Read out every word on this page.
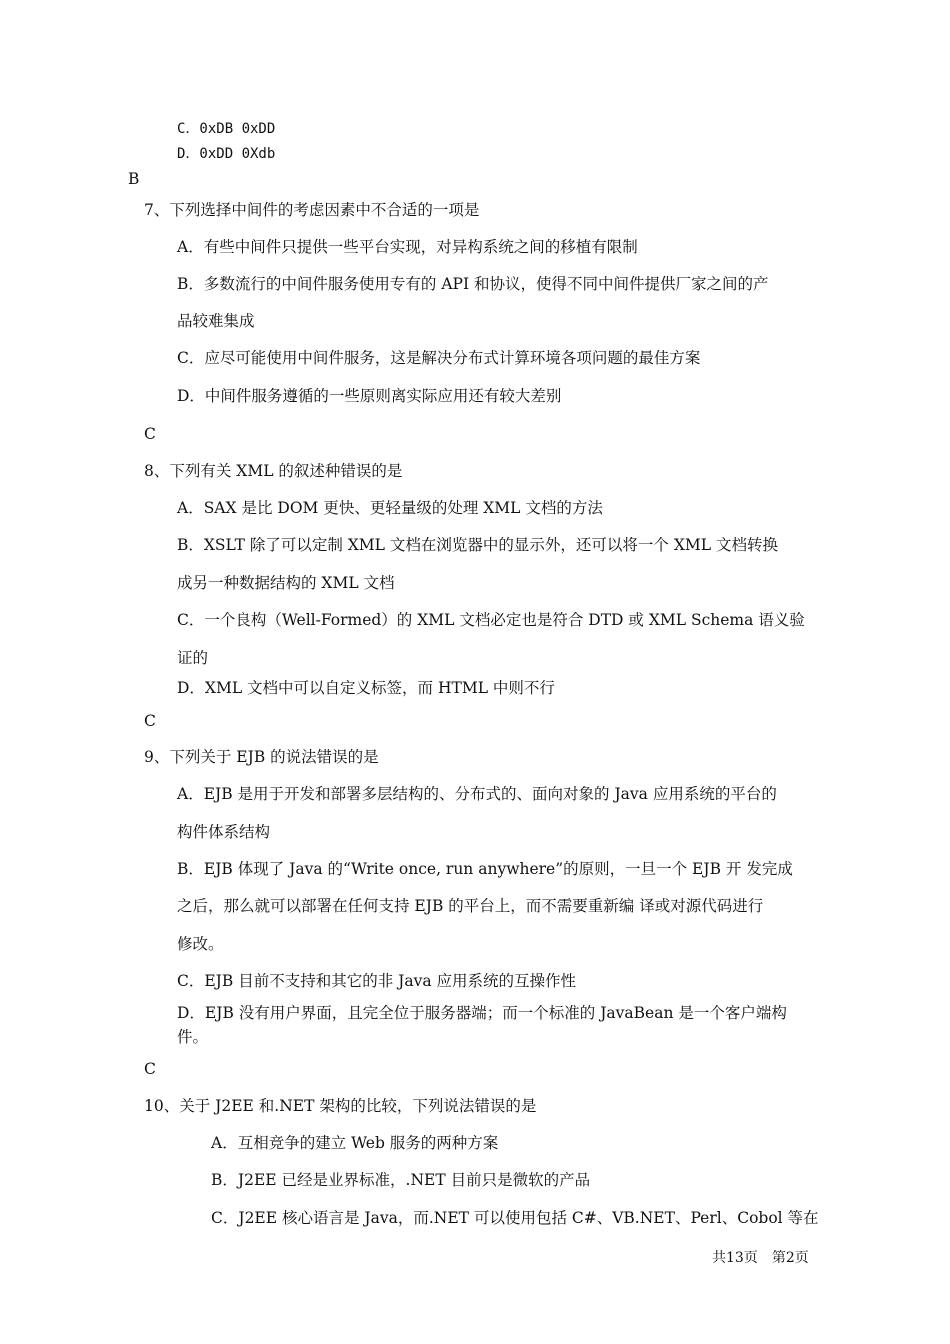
C．0xDB 0xDD
D．0xDD 0Xdb
B
7、下列选择中间件的考虑因素中不合适的一项是
A．有些中间件只提供一些平台实现，对异构系统之间的移植有限制
B．多数流行的中间件服务使用专有的 API 和协议，使得不同中间件提供厂家之间的产
品较难集成
C．应尽可能使用中间件服务，这是解决分布式计算环境各项问题的最佳方案
D．中间件服务遵循的一些原则离实际应用还有较大差别
C
8、下列有关 XML 的叙述种错误的是
A．SAX 是比 DOM 更快、更轻量级的处理 XML 文档的方法
B．XSLT 除了可以定制 XML 文档在浏览器中的显示外，还可以将一个 XML 文档转换
成另一种数据结构的 XML 文档
C．一个良构（Well-Formed）的 XML 文档必定也是符合 DTD 或 XML Schema 语义验
证的
D．XML 文档中可以自定义标签，而 HTML 中则不行
C
9、下列关于 EJB 的说法错误的是
A．EJB 是用于开发和部署多层结构的、分布式的、面向对象的 Java 应用系统的平台的
构件体系结构
B．EJB 体现了 Java 的“Write once, run anywhere”的原则，一旦一个 EJB 开 发完成
之后，那么就可以部署在任何支持 EJB 的平台上，而不需要重新编 译或对源代码进行
修改。
C．EJB 目前不支持和其它的非 Java 应用系统的互操作性
D．EJB 没有用户界面，且完全位于服务器端；而一个标准的 JavaBean 是一个客户端构
件。
C
10、关于 J2EE 和.NET 架构的比较，下列说法错误的是
A．互相竞争的建立 Web 服务的两种方案
B．J2EE 已经是业界标准，.NET 目前只是微软的产品
C．J2EE 核心语言是 Java，而.NET 可以使用包括 C#、VB.NET、Perl、Cobol 等在
共13页 第2页
